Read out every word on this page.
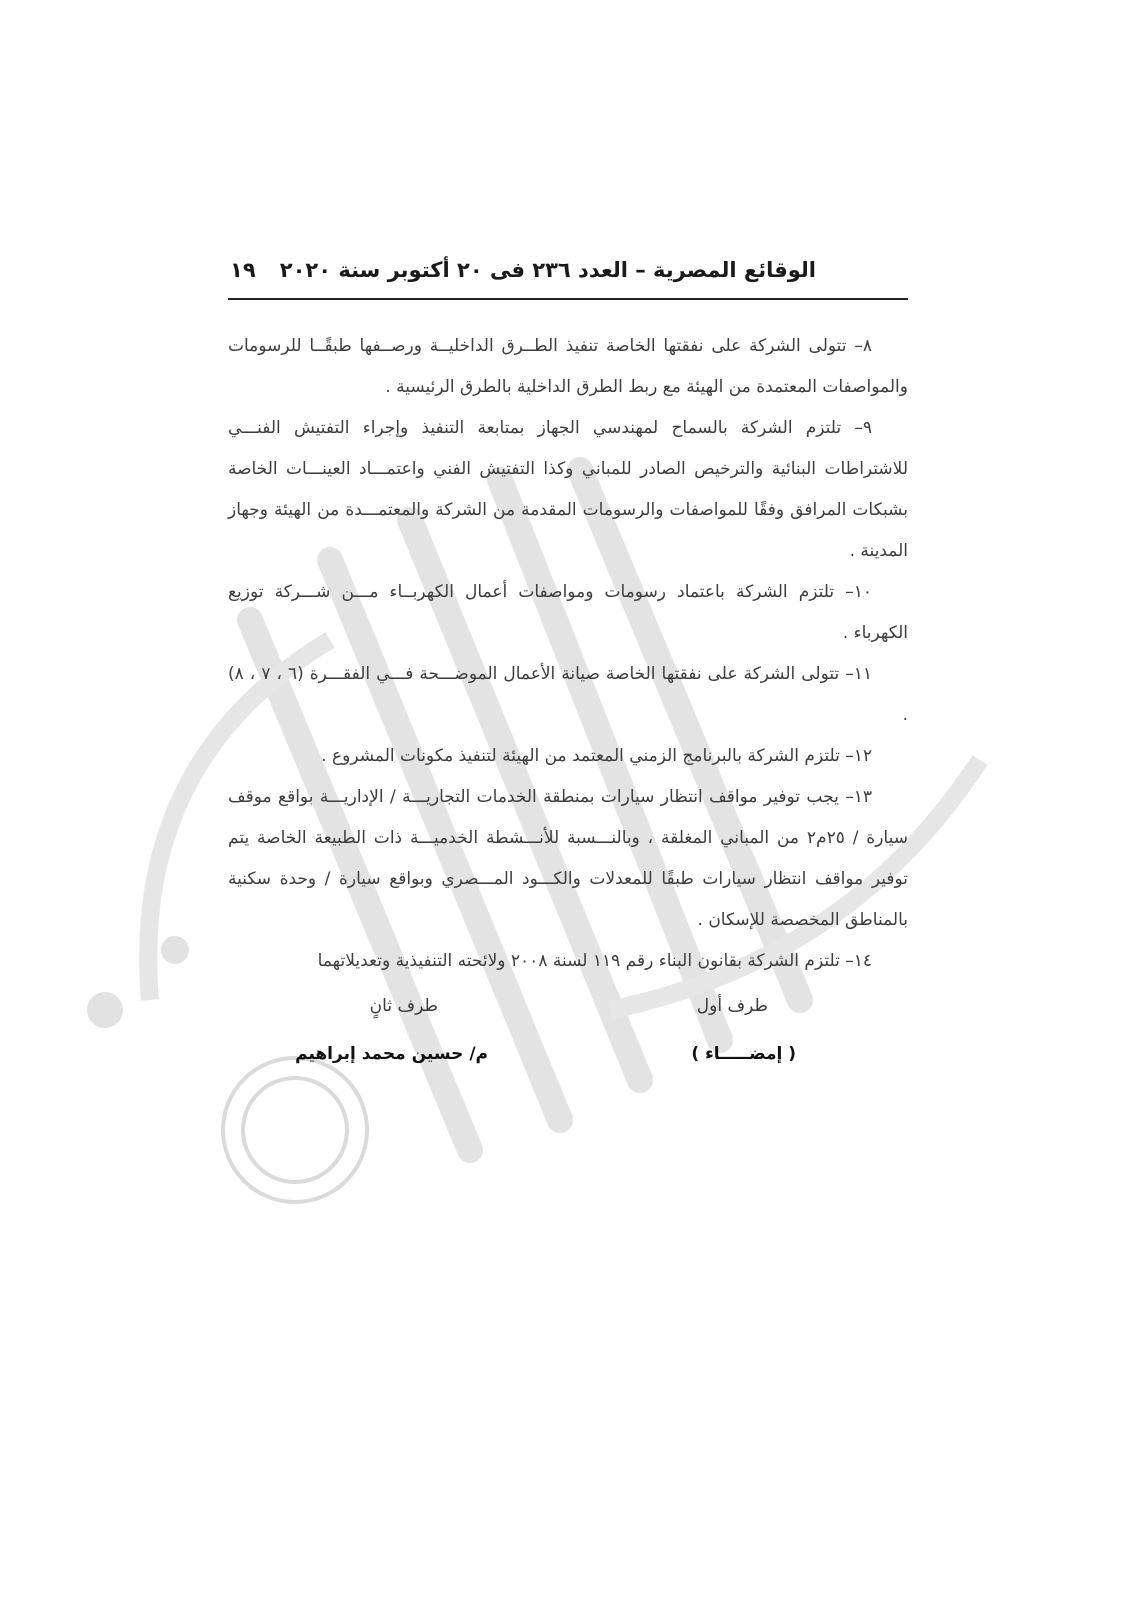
الوقائع المصرية – العدد ٢٣٦ فى ٢٠ أكتوبر سنة ٢٠٢٠
١٩

٨– تتولى الشركة على نفقتها الخاصة تنفيذ الطــرق الداخليــة ورصــفها طبقًــا للرسومات والمواصفات المعتمدة من الهيئة مع ربط الطرق الداخلية بالطرق الرئيسية .

٩– تلتزم الشركة بالسماح لمهندسي الجهاز بمتابعة التنفيذ وإجراء التفتيش الفنـــي للاشتراطات البنائية والترخيص الصادر للمباني وكذا التفتيش الفني واعتمـــاد العينـــات الخاصة بشبكات المرافق وفقًا للمواصفات والرسومات المقدمة من الشركة والمعتمـــدة من الهيئة وجهاز المدينة .

١٠– تلتزم الشركة باعتماد رسومات ومواصفات أعمال الكهربــاء مـــن شـــركة توزيع الكهرباء .

١١– تتولى الشركة على نفقتها الخاصة صيانة الأعمال الموضـــحة فـــي الفقـــرة (٦ ، ٧ ، ٨) .

١٢– تلتزم الشركة بالبرنامج الزمني المعتمد من الهيئة لتنفيذ مكونات المشروع .

١٣– يجب توفير مواقف انتظار سيارات بمنطقة الخدمات التجاريـــة / الإداريـــة بواقع موقف سيارة / ٢٥م٢ من المباني المغلقة ، وبالنـــسبة للأنـــشطة الخدميـــة ذات الطبيعة الخاصة يتم توفير مواقف انتظار سيارات طبقًا للمعدلات والكـــود المـــصري وبواقع سيارة / وحدة سكنية بالمناطق المخصصة للإسكان .

١٤– تلتزم الشركة بقانون البناء رقم ١١٩ لسنة ٢٠٠٨ ولائحته التنفيذية وتعديلاتهما

طرف أول
طرف ثانٍ
( إمضـــــاء )
م/ حسين محمد إبراهيم
